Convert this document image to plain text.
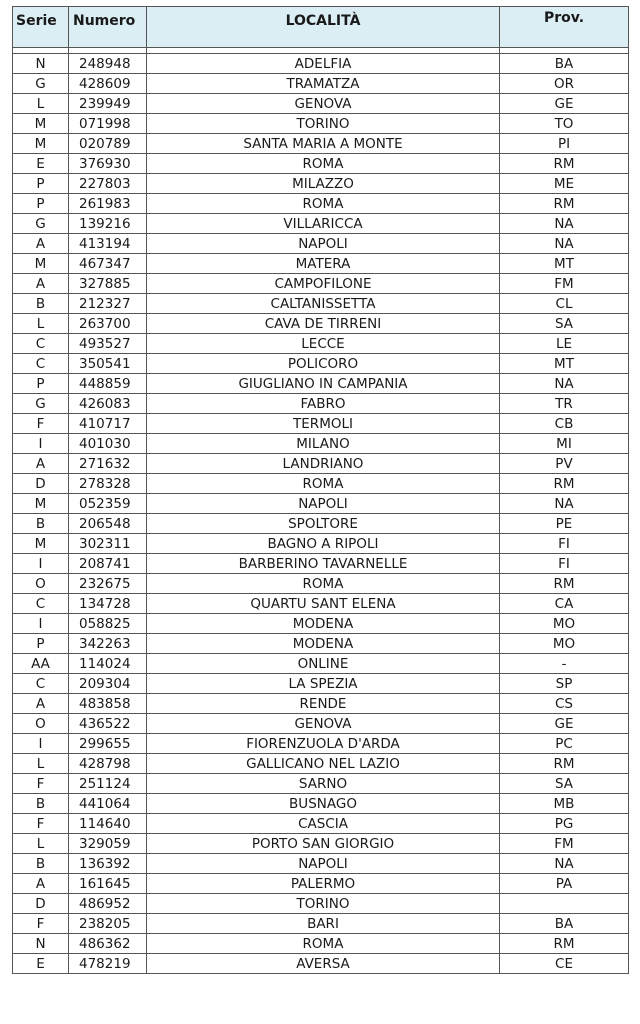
Serie	Numero	LOCALITÀ	Prov.

N	248948	ADELFIA	BA
G	428609	TRAMATZA	OR
L	239949	GENOVA	GE
M	071998	TORINO	TO
M	020789	SANTA MARIA A MONTE	PI
E	376930	ROMA	RM
P	227803	MILAZZO	ME
P	261983	ROMA	RM
G	139216	VILLARICCA	NA
A	413194	NAPOLI	NA
M	467347	MATERA	MT
A	327885	CAMPOFILONE	FM
B	212327	CALTANISSETTA	CL
L	263700	CAVA DE TIRRENI	SA
C	493527	LECCE	LE
C	350541	POLICORO	MT
P	448859	GIUGLIANO IN CAMPANIA	NA
G	426083	FABRO	TR
F	410717	TERMOLI	CB
I	401030	MILANO	MI
A	271632	LANDRIANO	PV
D	278328	ROMA	RM
M	052359	NAPOLI	NA
B	206548	SPOLTORE	PE
M	302311	BAGNO A RIPOLI	FI
I	208741	BARBERINO TAVARNELLE	FI
O	232675	ROMA	RM
C	134728	QUARTU SANT ELENA	CA
I	058825	MODENA	MO
P	342263	MODENA	MO
AA	114024	ONLINE	-
C	209304	LA SPEZIA	SP
A	483858	RENDE	CS
O	436522	GENOVA	GE
I	299655	FIORENZUOLA D'ARDA	PC
L	428798	GALLICANO NEL LAZIO	RM
F	251124	SARNO	SA
B	441064	BUSNAGO	MB
F	114640	CASCIA	PG
L	329059	PORTO SAN GIORGIO	FM
B	136392	NAPOLI	NA
A	161645	PALERMO	PA
D	486952	TORINO	
F	238205	BARI	BA
N	486362	ROMA	RM
E	478219	AVERSA	CE
